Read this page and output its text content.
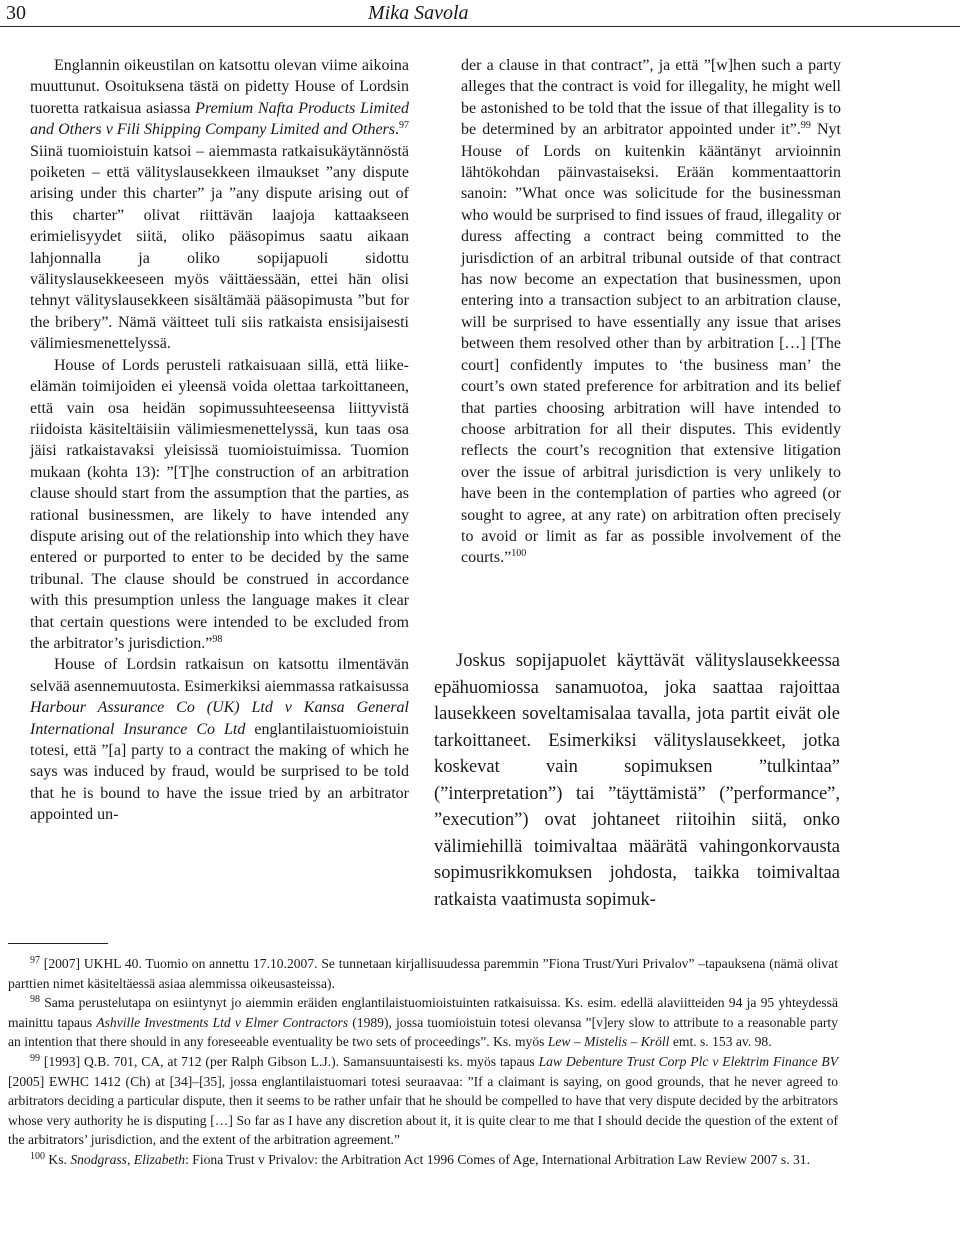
30	Mika Savola

Englannin oikeustilan on katsottu olevan viime aikoina muuttunut. Osoituksena tästä on pidetty House of Lordsin tuoretta ratkaisua asiassa Premium Nafta Products Limited and Others v Fili Shipping Company Limited and Others.$^{97}$ Siinä tuomioistuin katsoi – aiemmasta ratkaisukäytännöstä poiketen – että välityslausekkeen ilmaukset ”any dispute arising under this charter” ja ”any dispute arising out of this charter” olivat riittävän laajoja kattaakseen erimielisyydet siitä, oliko pääsopimus saatu aikaan lahjonnalla ja oliko sopijapuoli sidottu välityslausekkeeseen myös väittäessään, ettei hän olisi tehnyt välityslausekkeen sisältämää pääsopimusta ”but for the bribery”. Nämä väitteet tuli siis ratkaista ensisijaisesti välimiesmenettelyssä.

House of Lords perusteli ratkaisuaan sillä, että liike-elämän toimijoiden ei yleensä voida olettaa tarkoittaneen, että vain osa heidän sopimussuhteeseensa liittyvistä riidoista käsiteltäisiin välimiesmenettelyssä, kun taas osa jäisi ratkaistavaksi yleisissä tuomioistuimissa. Tuomion mukaan (kohta 13): ”[T]he construction of an arbitration clause should start from the assumption that the parties, as rational businessmen, are likely to have intended any dispute arising out of the relationship into which they have entered or purported to enter to be decided by the same tribunal. The clause should be construed in accordance with this presumption unless the language makes it clear that certain questions were intended to be excluded from the arbitrator’s jurisdiction.”$^{98}$

House of Lordsin ratkaisun on katsottu ilmentävän selvää asennemuutosta. Esimerkiksi aiemmassa ratkaisussa Harbour Assurance Co (UK) Ltd v Kansa General International Insurance Co Ltd englantilaistuomioistuin totesi, että ”[a] party to a contract the making of which he says was induced by fraud, would be surprised to be told that he is bound to have the issue tried by an arbitrator appointed un-

der a clause in that contract”, ja että ”[w]hen such a party alleges that the contract is void for illegality, he might well be astonished to be told that the issue of that illegality is to be determined by an arbitrator appointed under it”.$^{99}$ Nyt House of Lords on kuitenkin kääntänyt arvioinnin lähtökohdan päinvastaiseksi. Erään kommentaattorin sanoin: ”What once was solicitude for the businessman who would be surprised to find issues of fraud, illegality or duress affecting a contract being committed to the jurisdiction of an arbitral tribunal outside of that contract has now become an expectation that businessmen, upon entering into a transaction subject to an arbitration clause, will be surprised to have essentially any issue that arises between them resolved other than by arbitration […] [The court] confidently imputes to ‘the business man’ the court’s own stated preference for arbitration and its belief that parties choosing arbitration will have intended to choose arbitration for all their disputes. This evidently reflects the court’s recognition that extensive litigation over the issue of arbitral jurisdiction is very unlikely to have been in the contemplation of parties who agreed (or sought to agree, at any rate) on arbitration often precisely to avoid or limit as far as possible involvement of the courts.”$^{100}$

Joskus sopijapuolet käyttävät välityslausekkeessa epähuomiossa sanamuotoa, joka saattaa rajoittaa lausekkeen soveltamisalaa tavalla, jota partit eivät ole tarkoittaneet. Esimerkiksi välityslausekkeet, jotka koskevat vain sopimuksen ”tulkintaa” (”interpretation”) tai ”täyttämistä” (”performance”, ”execution”) ovat johtaneet riitoihin siitä, onko välimiehillä toimivaltaa määrätä vahingonkorvausta sopimusrikkomuksen johdosta, taikka toimivaltaa ratkaista vaatimusta sopimuk-

$^{97}$ [2007] UKHL 40. Tuomio on annettu 17.10.2007. Se tunnetaan kirjallisuudessa paremmin ”Fiona Trust/Yuri Privalov” –tapauksena (nämä olivat parttien nimet käsiteltäessä asiaa alemmissa oikeusasteissa).

$^{98}$ Sama perustelutapa on esiintynyt jo aiemmin eräiden englantilaistuomioistuinten ratkaisuissa. Ks. esim. edellä alaviitteiden 94 ja 95 yhteydessä mainittu tapaus Ashville Investments Ltd v Elmer Contractors (1989), jossa tuomioistuin totesi olevansa ”[v]ery slow to attribute to a reasonable party an intention that there should in any foreseeable eventuality be two sets of proceedings”. Ks. myös Lew – Mistelis – Kröll emt. s. 153 av. 98.

$^{99}$ [1993] Q.B. 701, CA, at 712 (per Ralph Gibson L.J.). Samansuuntaisesti ks. myös tapaus Law Debenture Trust Corp Plc v Elektrim Finance BV [2005] EWHC 1412 (Ch) at [34]–[35], jossa englantilaistuomari totesi seuraavaa: ”If a claimant is saying, on good grounds, that he never agreed to arbitrators deciding a particular dispute, then it seems to be rather unfair that he should be compelled to have that very dispute decided by the arbitrators whose very authority he is disputing […] So far as I have any discretion about it, it is quite clear to me that I should decide the question of the extent of the arbitrators’ jurisdiction, and the extent of the arbitration agreement.”

$^{100}$ Ks. Snodgrass, Elizabeth: Fiona Trust v Privalov: the Arbitration Act 1996 Comes of Age, International Arbitration Law Review 2007 s. 31.
